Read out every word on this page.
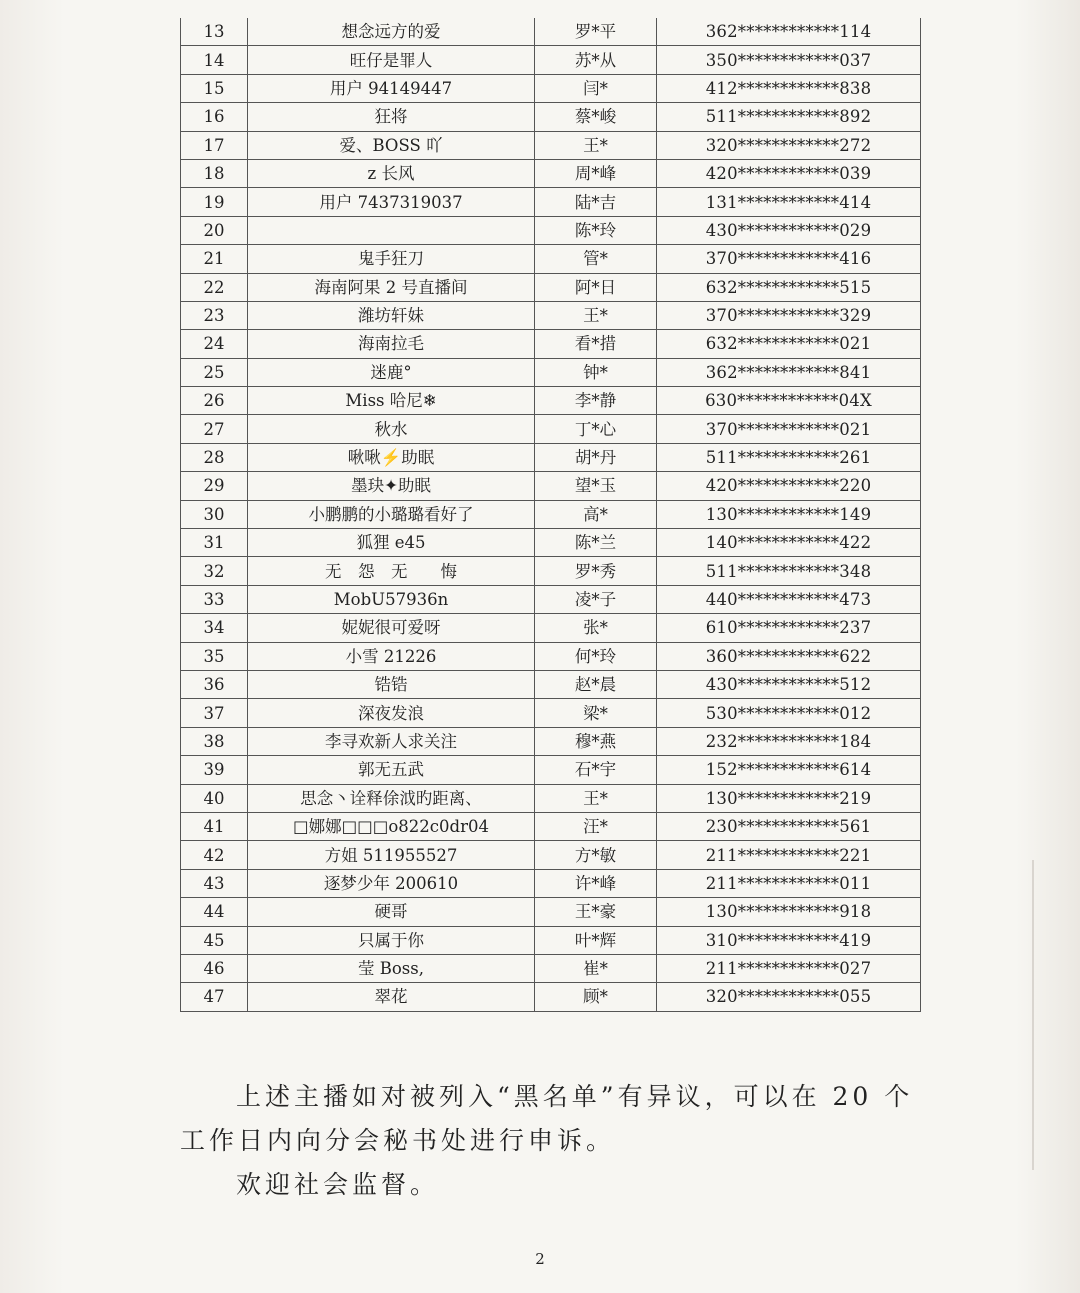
13	想念远方的爱	罗*平	362************114
14	旺仔是罪人	苏*从	350************037
15	用户 94149447	闫*	412************838
16	狂将	蔡*峻	511************892
17	爱、BOSS 吖	王*	320************272
18	z 长风	周*峰	420************039
19	用户 7437319037	陆*吉	131************414
20		陈*玲	430************029
21	鬼手狂刀	管*	370************416
22	海南阿果 2 号直播间	阿*日	632************515
23	潍坊轩妹	王*	370************329
24	海南拉毛	看*措	632************021
25	迷鹿°	钟*	362************841
26	Miss 哈尼❄	李*静	630************04X
27	秋水	丁*心	370************021
28	啾啾⚡助眠	胡*丹	511************261
29	墨玦✦助眠	望*玉	420************220
30	小鹏鹏的小璐璐看好了	高*	130************149
31	狐狸 e45	陈*兰	140************422
32	无　怨　无　　悔	罗*秀	511************348
33	MobU57936n	凌*子	440************473
34	妮妮很可爱呀	张*	610************237
35	小雪 21226	何*玲	360************622
36	锆锆	赵*晨	430************512
37	深夜发浪	梁*	530************012
38	李寻欢新人求关注	穆*燕	232************184
39	郭无五武	石*宇	152************614
40	思念丶诠释俆泧旳距离、	王*	130************219
41	□娜娜□□□o822c0dr04	汪*	230************561
42	方姐 511955527	方*敏	211************221
43	逐梦少年 200610	许*峰	211************011
44	硬哥	王*豪	130************918
45	只属于你	叶*辉	310************419
46	莹 Boss,	崔*	211************027
47	翠花	顾*	320************055

上述主播如对被列入“黑名单”有异议，可以在 20 个

工作日内向分会秘书处进行申诉。

欢迎社会监督。

2
